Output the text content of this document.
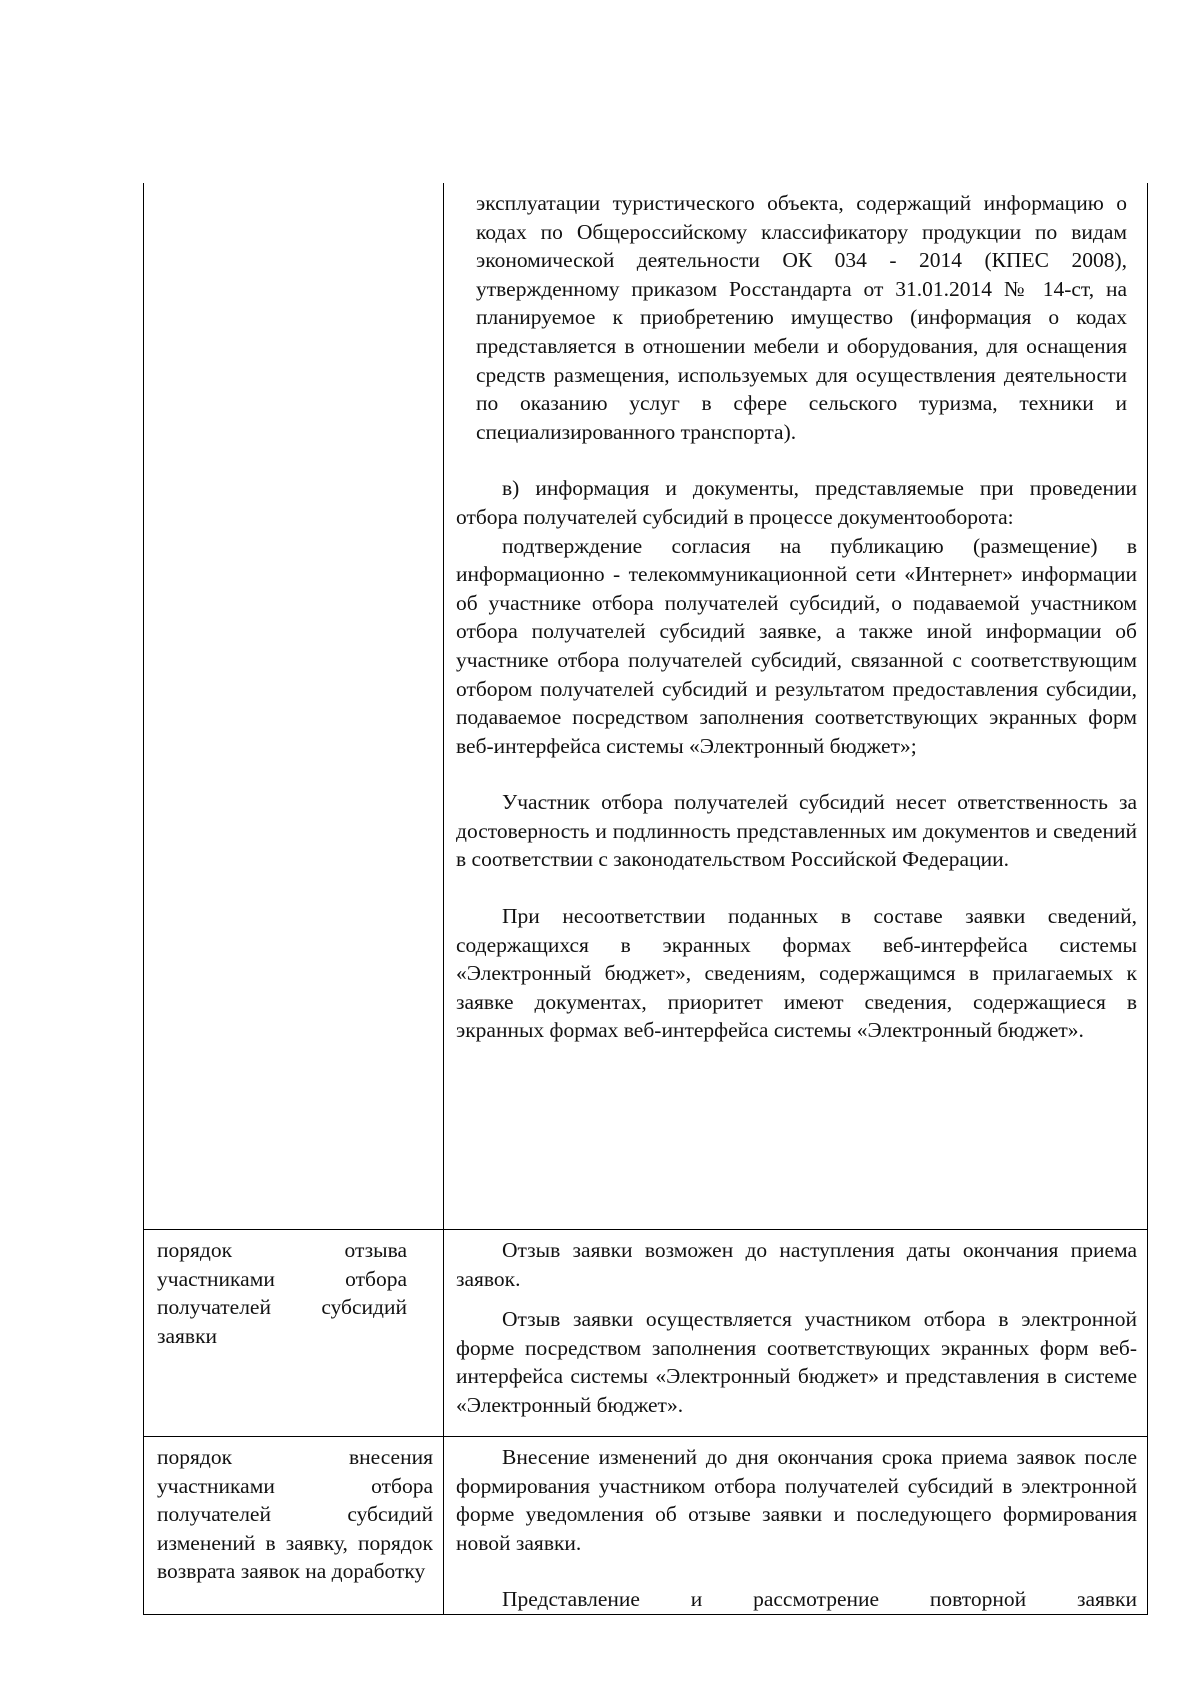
	эксплуатации туристического объекта, содержащий информацию о кодах по Общероссийскому классификатору продукции по видам экономической деятельности ОК 034 - 2014 (КПЕС 2008), утвержденному приказом Росстандарта от 31.01.2014 № 14-ст, на планируемое к приобретению имущество (информация о кодах представляется в отношении мебели и оборудования, для оснащения средств размещения, используемых для осуществления деятельности по оказанию услуг в сфере сельского туризма, техники и специализированного транспорта).

в) информация и документы, представляемые при проведении отбора получателей субсидий в процессе документооборота:

подтверждение согласия на публикацию (размещение) в информационно - телекоммуникационной сети «Интернет» информации об участнике отбора получателей субсидий, о подаваемой участником отбора получателей субсидий заявке, а также иной информации об участнике отбора получателей субсидий, связанной с соответствующим отбором получателей субсидий и результатом предоставления субсидии, подаваемое посредством заполнения соответствующих экранных форм веб-интерфейса системы «Электронный бюджет»;

Участник отбора получателей субсидий несет ответственность за достоверность и подлинность представленных им документов и сведений в соответствии с законодательством Российской Федерации.

При несоответствии поданных в составе заявки сведений, содержащихся в экранных формах веб-интерфейса системы «Электронный бюджет», сведениям, содержащимся в прилагаемых к заявке документах, приоритет имеют сведения, содержащиеся в экранных формах веб-интерфейса системы «Электронный бюджет».

порядок отзыва участниками отбора получателей субсидий заявки	Отзыв заявки возможен до наступления даты окончания приема заявок.

Отзыв заявки осуществляется участником отбора в электронной форме посредством заполнения соответствующих экранных форм веб-интерфейса системы «Электронный бюджет» и представления в системе «Электронный бюджет».

порядок внесения участниками отбора получателей субсидий изменений в заявку, порядок возврата заявок на доработку	Внесение изменений до дня окончания срока приема заявок после формирования участником отбора получателей субсидий в электронной форме уведомления об отзыве заявки и последующего формирования новой заявки.

Представление и рассмотрение повторной заявки
